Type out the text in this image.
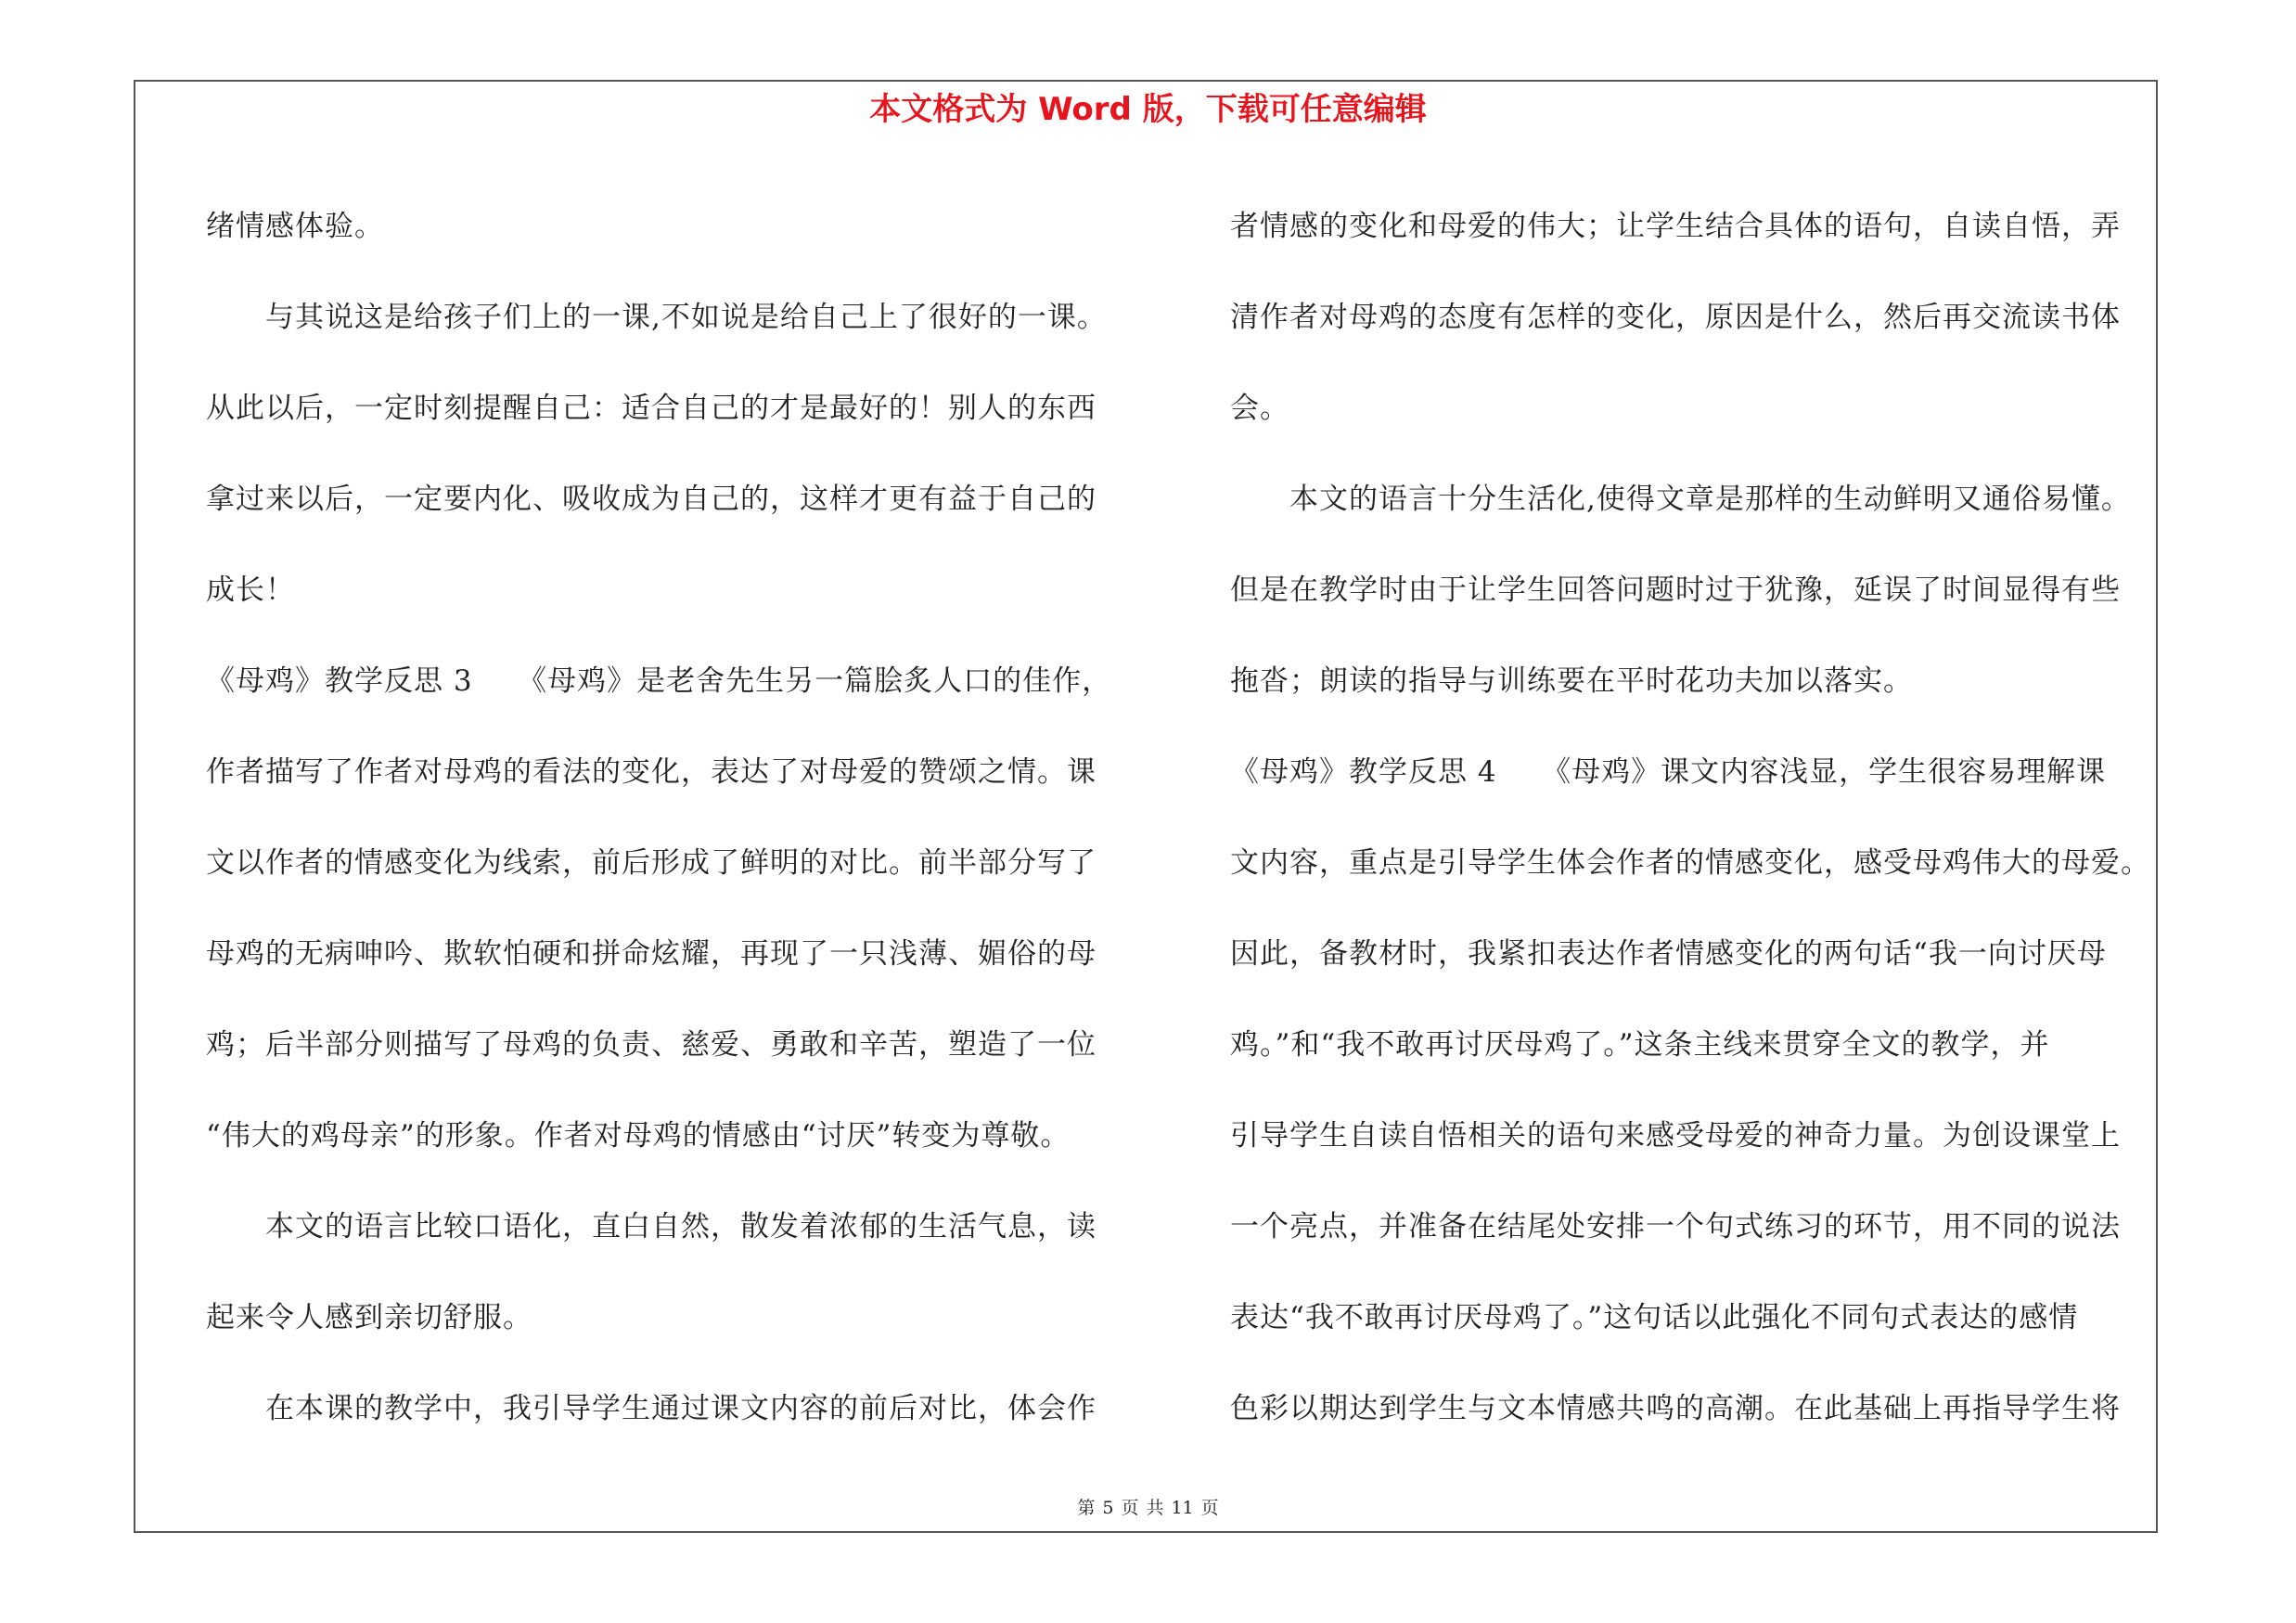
本文格式为 Word 版，下载可任意编辑
绪情感体验。
　　与其说这是给孩子们上的一课,不如说是给自己上了很好的一课。
从此以后，一定时刻提醒自己：适合自己的才是最好的！别人的东西
拿过来以后，一定要内化、吸收成为自己的，这样才更有益于自己的
成长！
《母鸡》教学反思 3　　《母鸡》是老舍先生另一篇脍炙人口的佳作，
作者描写了作者对母鸡的看法的变化，表达了对母爱的赞颂之情。课
文以作者的情感变化为线索，前后形成了鲜明的对比。前半部分写了
母鸡的无病呻吟、欺软怕硬和拼命炫耀，再现了一只浅薄、媚俗的母
鸡；后半部分则描写了母鸡的负责、慈爱、勇敢和辛苦，塑造了一位
“伟大的鸡母亲”的形象。作者对母鸡的情感由“讨厌”转变为尊敬。
　　本文的语言比较口语化，直白自然，散发着浓郁的生活气息，读
起来令人感到亲切舒服。
　　在本课的教学中，我引导学生通过课文内容的前后对比，体会作
者情感的变化和母爱的伟大；让学生结合具体的语句，自读自悟，弄
清作者对母鸡的态度有怎样的变化，原因是什么，然后再交流读书体
会。
　　本文的语言十分生活化,使得文章是那样的生动鲜明又通俗易懂。
但是在教学时由于让学生回答问题时过于犹豫，延误了时间显得有些
拖沓；朗读的指导与训练要在平时花功夫加以落实。
《母鸡》教学反思 4　　《母鸡》课文内容浅显，学生很容易理解课
文内容，重点是引导学生体会作者的情感变化，感受母鸡伟大的母爱。
因此，备教材时，我紧扣表达作者情感变化的两句话“我一向讨厌母
鸡。”和“我不敢再讨厌母鸡了。”这条主线来贯穿全文的教学，并
引导学生自读自悟相关的语句来感受母爱的神奇力量。为创设课堂上
一个亮点，并准备在结尾处安排一个句式练习的环节，用不同的说法
表达“我不敢再讨厌母鸡了。”这句话以此强化不同句式表达的感情
色彩以期达到学生与文本情感共鸣的高潮。在此基础上再指导学生将
第 5 页 共 11 页
